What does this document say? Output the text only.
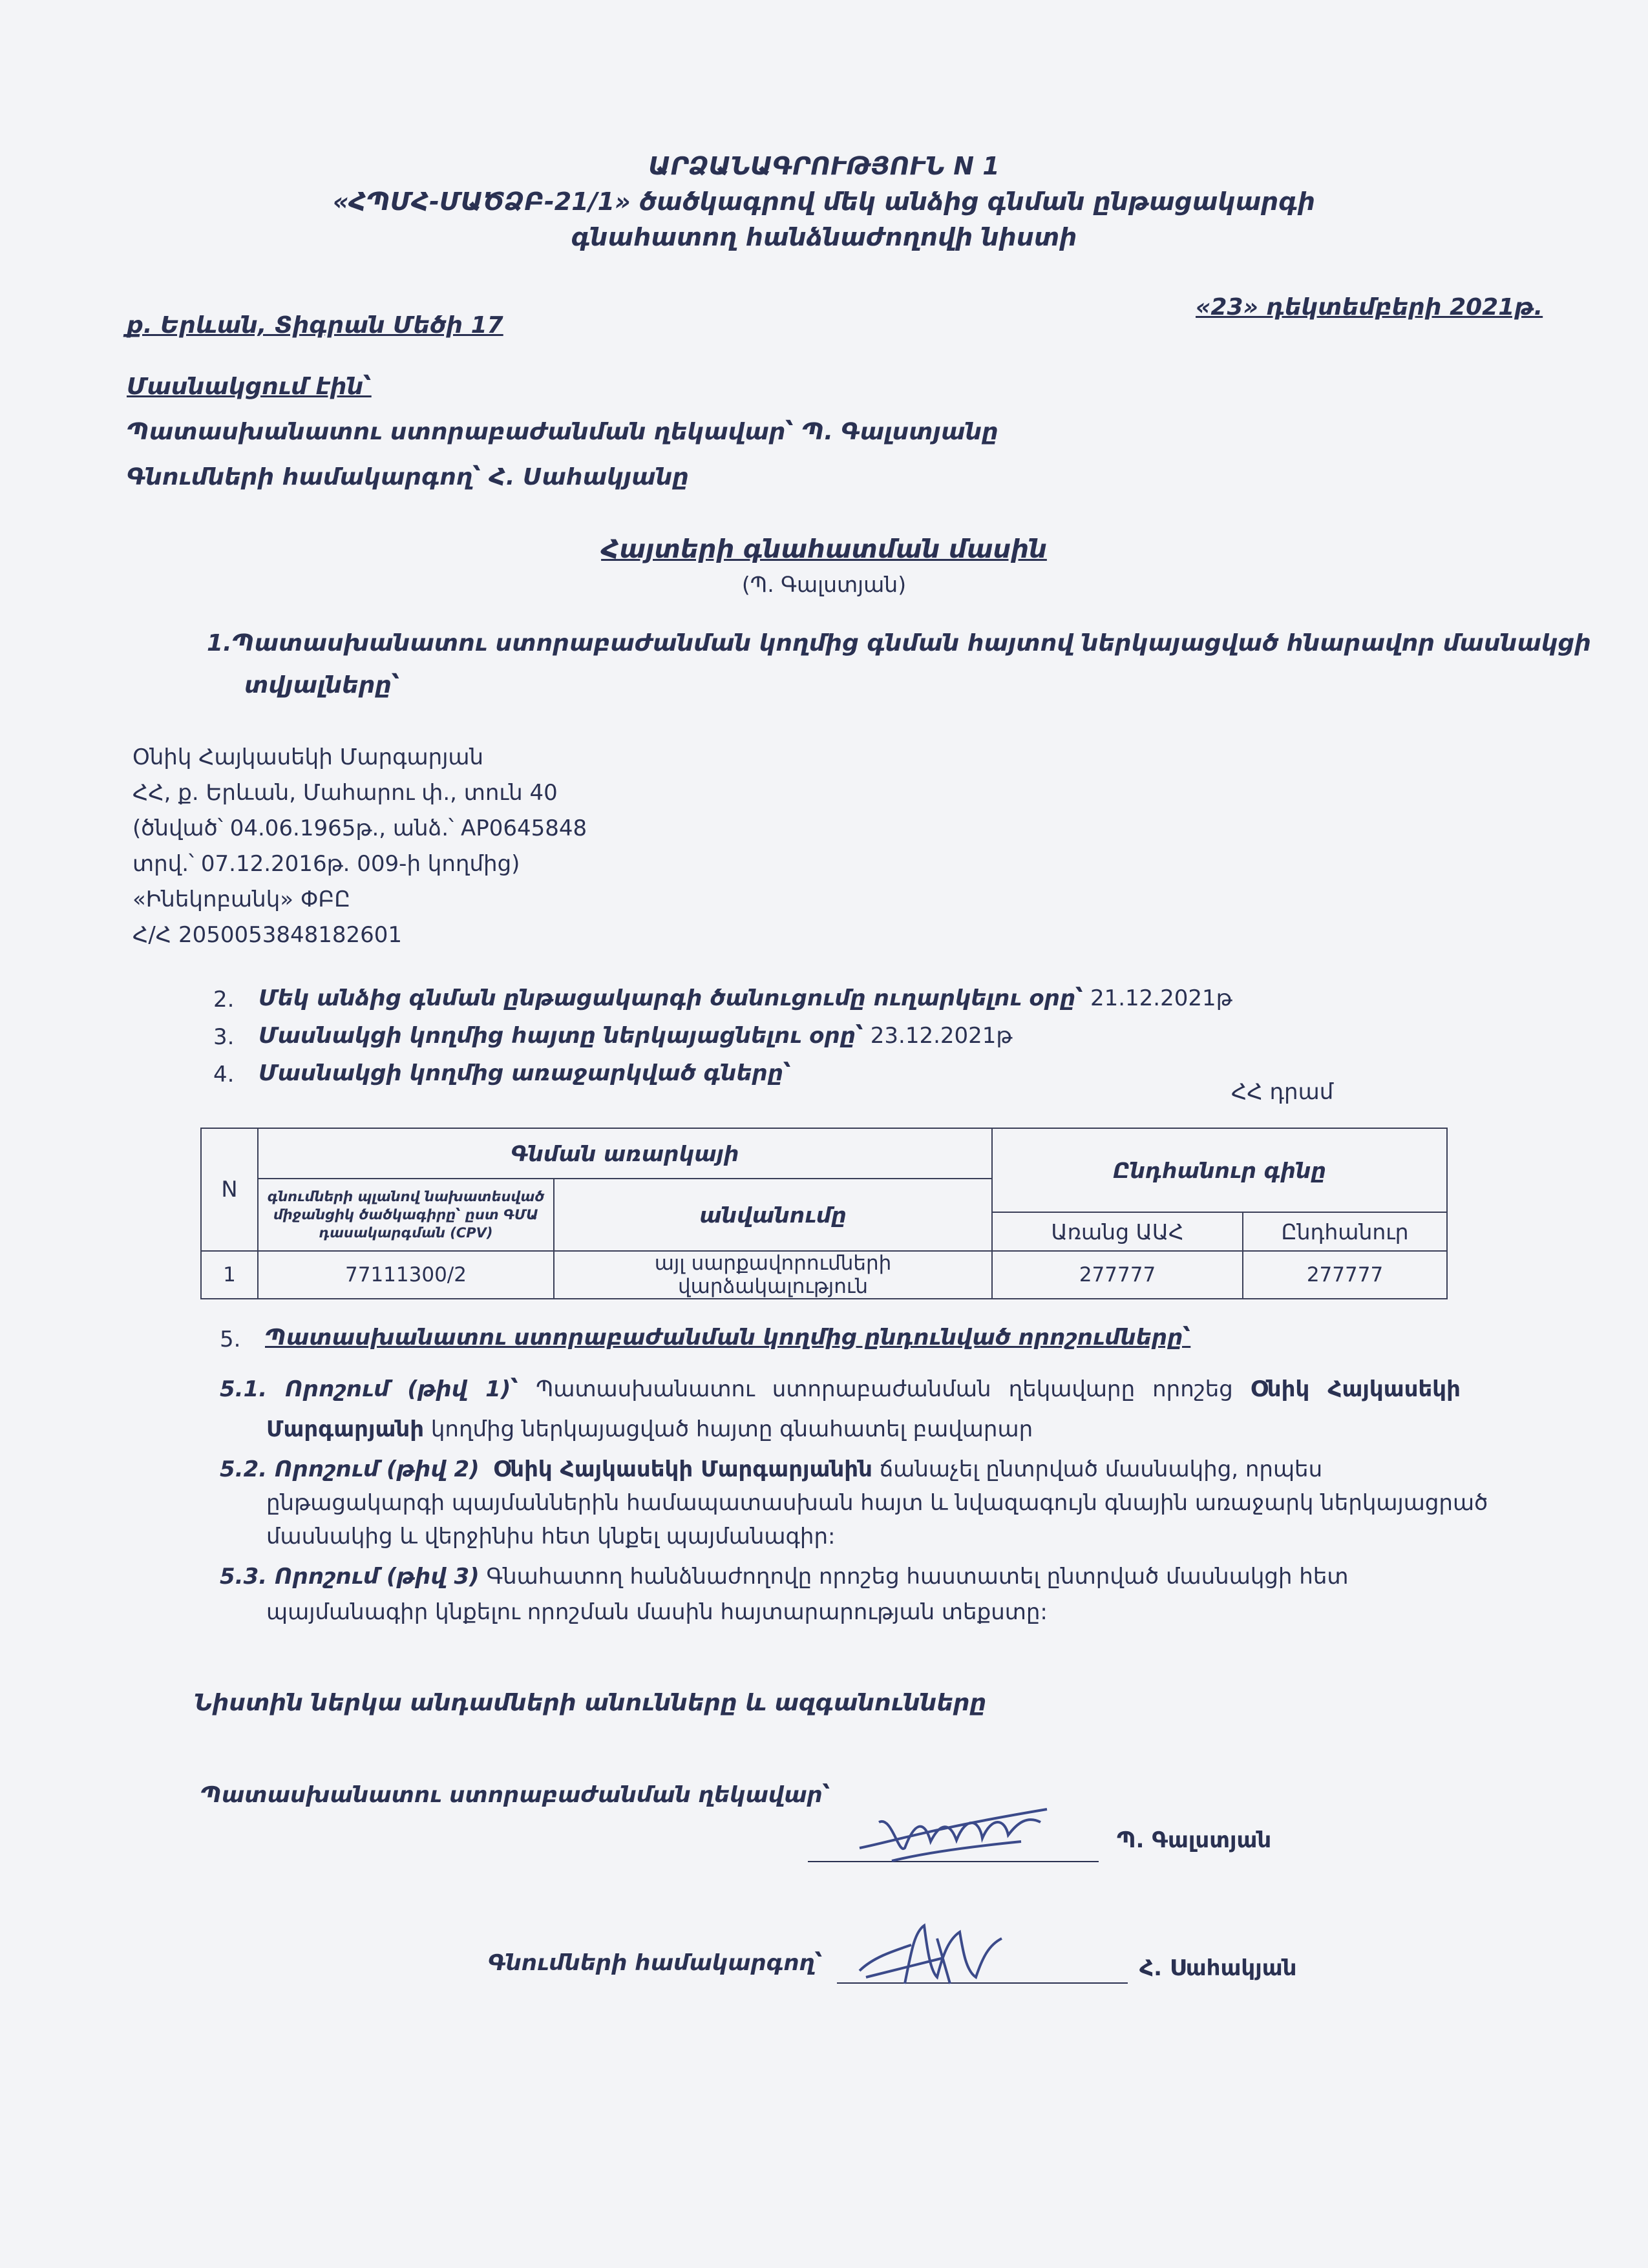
ԱՐՁԱՆԱԳՐՈՒԹՅՈՒՆ N 1
«ՀՊՄՀ-ՄԱԾՁԲ-21/1» ծածկագրով մեկ անձից գնման ընթացակարգի
գնահատող հանձնաժողովի նիստի
ք. Երևան, Տիգրան Մեծի 17
«23» դեկտեմբերի 2021թ.
Մասնակցում էին՝
Պատասխանատու ստորաբաժանման ղեկավար՝ Պ. Գալստյանը
Գնումների համակարգող՝ Հ. Սահակյանը
Հայտերի գնահատման մասին
(Պ. Գալստյան)
1.Պատասխանատու ստորաբաժանման կողմից գնման հայտով ներկայացված հնարավոր մասնակցի
տվյալները՝
Օնիկ Հայկասեկի Մարգարյան
ՀՀ, ք. Երևան, Մահարու փ., տուն 40
(ծնված՝ 04.06.1965թ., անձ.՝ AP0645848
տրվ.՝ 07.12.2016թ. 009-ի կողմից)
«Ինեկոբանկ» ՓԲԸ
Հ/Հ 2050053848182601
2. Մեկ անձից գնման ընթացակարգի ծանուցումը ուղարկելու օրը՝ 21.12.2021թ
3. Մասնակցի կողմից հայտը ներկայացնելու օրը՝ 23.12.2021թ
4. Մասնակցի կողմից առաջարկված գները՝
ՀՀ դրամ
N	Գնման առարկայի		Ընդհանուր գինը	

	գնումների պլանով նախատեսված միջանցիկ ծածկագիրը՝ ըստ ԳՄԱ դասակարգման (CPV)	անվանումը		
			Առանց ԱԱՀ	Ընդհանուր
1	77111300/2	այլ սարքավորումների վարձակալություն	277777	277777
5. Պատասխանատու ստորաբաժանման կողմից ընդունված որոշումները՝
5.1. Որոշում (թիվ 1)՝ Պատասխանատու ստորաբաժանման ղեկավարը որոշեց Օնիկ Հայկասեկի
Մարգարյանի կողմից ներկայացված հայտը գնահատել բավարար
5.2. Որոշում (թիվ 2) Օնիկ Հայկասեկի Մարգարյանին ճանաչել ընտրված մասնակից, որպես
ընթացակարգի պայմաններին համապատասխան հայտ և նվազագույն գնային առաջարկ ներկայացրած
մասնակից և վերջինիս հետ կնքել պայմանագիր:
5.3. Որոշում (թիվ 3) Գնահատող հանձնաժողովը որոշեց հաստատել ընտրված մասնակցի հետ
պայմանագիր կնքելու որոշման մասին հայտարարության տեքստը:
Նիստին ներկա անդամների անունները և ազգանունները
Պատասխանատու ստորաբաժանման ղեկավար՝
Պ. Գալստյան
Գնումների համակարգող՝	Հ. Սահակյան
